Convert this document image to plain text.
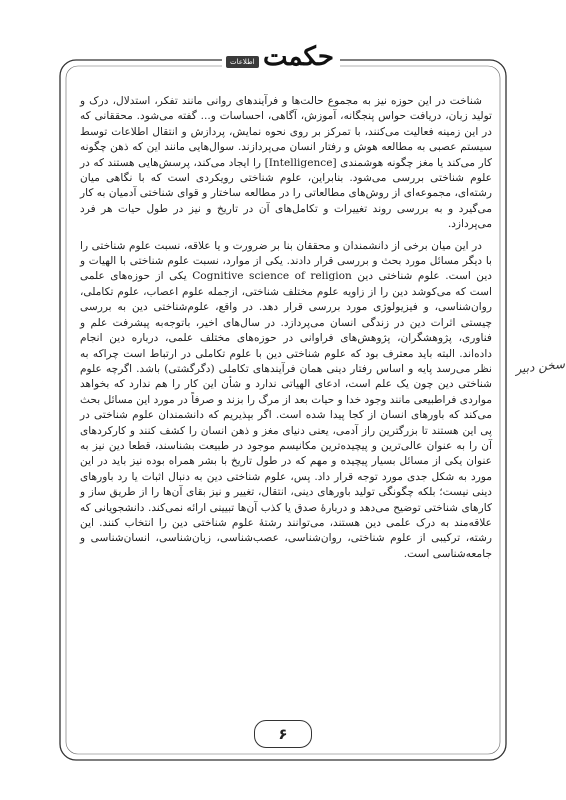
حکمت
اطلاعات

شناخت در این حوزه نیز به مجموع حالت‌ها و فرآیندهای روانی مانند تفکر، استدلال، درک و تولید زبان، دریافت حواس پنجگانه، آموزش، آگاهی، احساسات و... گفته می‌شود. محققانی که در این زمینه فعالیت می‌کنند، با تمرکز بر روی نحوه نمایش، پردازش و انتقال اطلاعات توسط سیستم عصبی به مطالعه هوش و رفتار انسان می‌پردازند. سوال‌هایی مانند این که ذهن چگونه کار می‌کند یا مغز چگونه هوشمندی [Intelligence] را ایجاد می‌کند، پرسش‌هایی هستند که در علوم شناختی بررسی می‌شود. بنابراین، علوم شناختی رویکردی است که با نگاهی میان رشته‌ای، مجموعه‌ای از روش‌های مطالعاتی را در مطالعه ساختار و قوای شناختی آدمیان به کار می‌گیرد و به بررسی روند تغییرات و تکامل‌های آن در تاریخ و نیز در طول حیات هر فرد می‌پردازد.

در این میان برخی از دانشمندان و محققان بنا بر ضرورت و یا علاقه، نسبت علوم شناختی را با دیگر مسائل مورد بحث و بررسی قرار دادند. یکی از موارد، نسبت علوم شناختی با الهیات و دین است. علوم شناختی دین Cognitive science of religion یکی از حوزه‌های علمی است که می‌کوشد دین را از زاویه علوم مختلف شناختی، ازجمله علوم اعصاب، علوم تکاملی، روان‌شناسی، و فیزیولوژی مورد بررسی قرار دهد. در واقع، علوم‌شناختی دین به بررسی چیستی اثرات دین در زندگی انسان می‌پردازد. در سال‌های اخیر، باتوجه‌به پیشرفت علم و فناوری، پژوهشگران، پژوهش‌های فراوانی در حوزه‌های مختلف علمی، درباره دین انجام داده‌اند. البته باید معترف بود که علوم شناختی دین با علوم تکاملی در ارتباط است چراکه به نظر می‌رسد پایه و اساس رفتار دینی همان فرآیندهای تکاملی (دگرگشتی) باشد. اگرچه علوم شناختی دین چون یک علم است، ادعای الهیاتی ندارد و شأن این کار را هم ندارد که بخواهد مواردی فراطبیعی مانند وجود خدا و حیات بعد از مرگ را بزند و صرفاً در مورد این مسائل بحث می‌کند که باورهای انسان از کجا پیدا شده است. اگر بپذیریم که دانشمندان علوم شناختی در پی این هستند تا بزرگترین راز آدمی، یعنی دنیای مغز و ذهن انسان را کشف کنند و کارکردهای آن را به عنوان عالی‌ترین و پیچیده‌ترین مکانیسم موجود در طبیعت بشناسند، قطعا دین نیز به عنوان یکی از مسائل بسیار پیچیده و مهم که در طول تاریخ با بشر همراه بوده نیز باید در این مورد به شکل جدی مورد توجه قرار داد. پس، علوم شناختی دین به دنبال اثبات یا رد باورهای دینی نیست؛ بلکه چگونگی تولید باورهای دینی، انتقال، تغییر و نیز بقای آن‌ها را از طریق ساز و کارهای شناختی توضیح می‌دهد و دربارۀ صدق یا کذب آن‌ها تبیینی ارائه نمی‌کند. دانشجویانی که علاقه‌مند به درک علمی دین هستند، می‌توانند رشتۀ علوم شناختی دین را انتخاب کنند. این رشته، ترکیبی از علوم شناختی، روان‌شناسی، عصب‌شناسی، زبان‌شناسی، انسان‌شناسی و جامعه‌شناسی است.

سخن دبیر
۶
